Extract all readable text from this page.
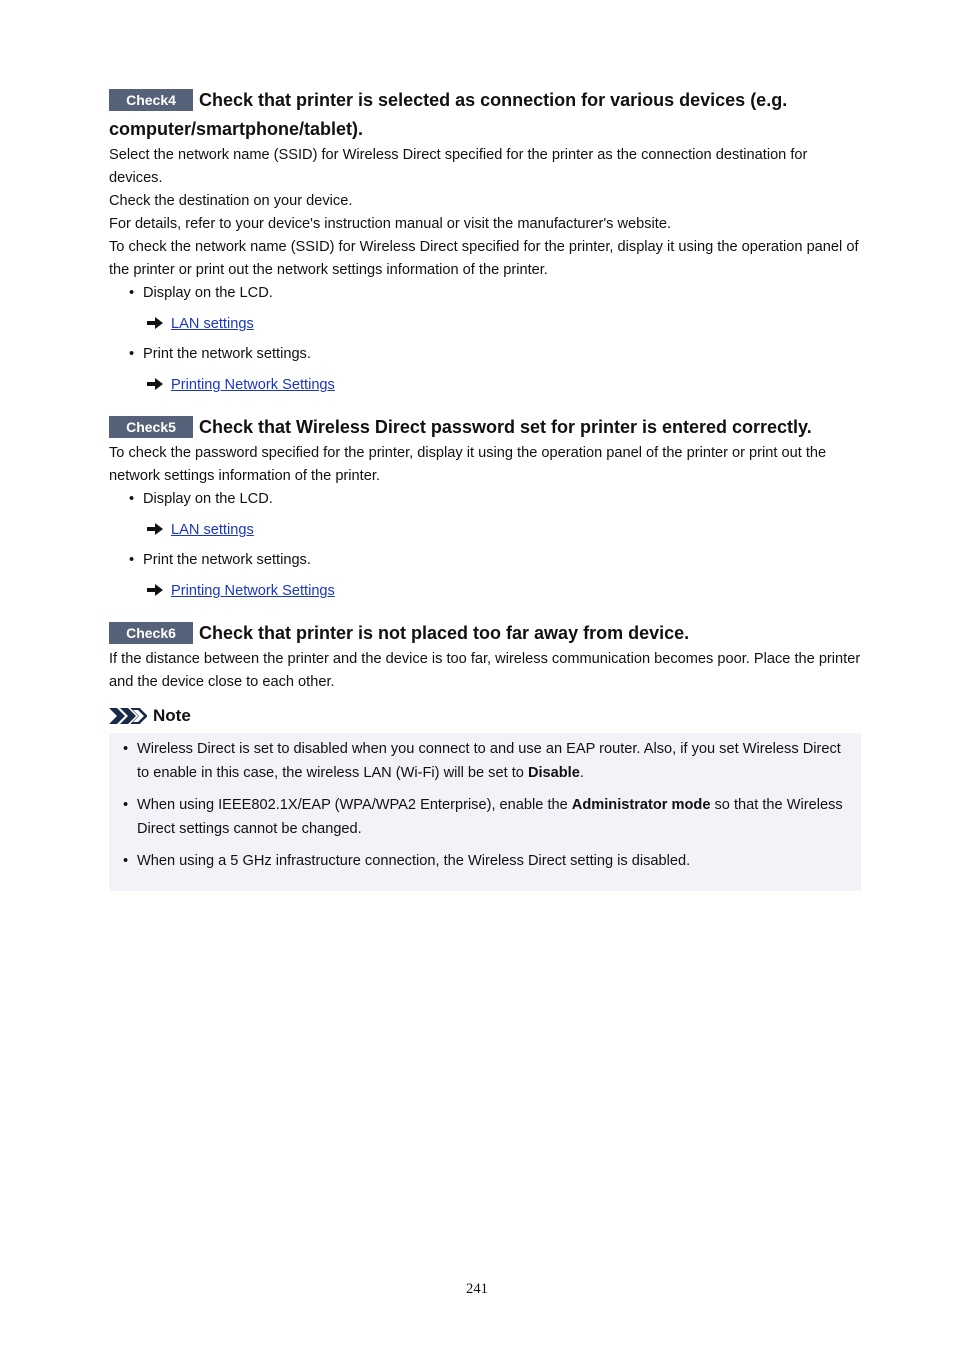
Check4 Check that printer is selected as connection for various devices (e.g. computer/smartphone/tablet).

Select the network name (SSID) for Wireless Direct specified for the printer as the connection destination for devices.

Check the destination on your device.

For details, refer to your device's instruction manual or visit the manufacturer's website.

To check the network name (SSID) for Wireless Direct specified for the printer, display it using the operation panel of the printer or print out the network settings information of the printer.

• Display on the LCD.
LAN settings
• Print the network settings.
Printing Network Settings
Check5 Check that Wireless Direct password set for printer is entered correctly.

To check the password specified for the printer, display it using the operation panel of the printer or print out the network settings information of the printer.

• Display on the LCD.
LAN settings
• Print the network settings.
Printing Network Settings
Check6 Check that printer is not placed too far away from device.

If the distance between the printer and the device is too far, wireless communication becomes poor. Place the printer and the device close to each other.

Note
• Wireless Direct is set to disabled when you connect to and use an EAP router. Also, if you set Wireless Direct to enable in this case, the wireless LAN (Wi-Fi) will be set to Disable.
• When using IEEE802.1X/EAP (WPA/WPA2 Enterprise), enable the Administrator mode so that the Wireless Direct settings cannot be changed.
• When using a 5 GHz infrastructure connection, the Wireless Direct setting is disabled.
241
